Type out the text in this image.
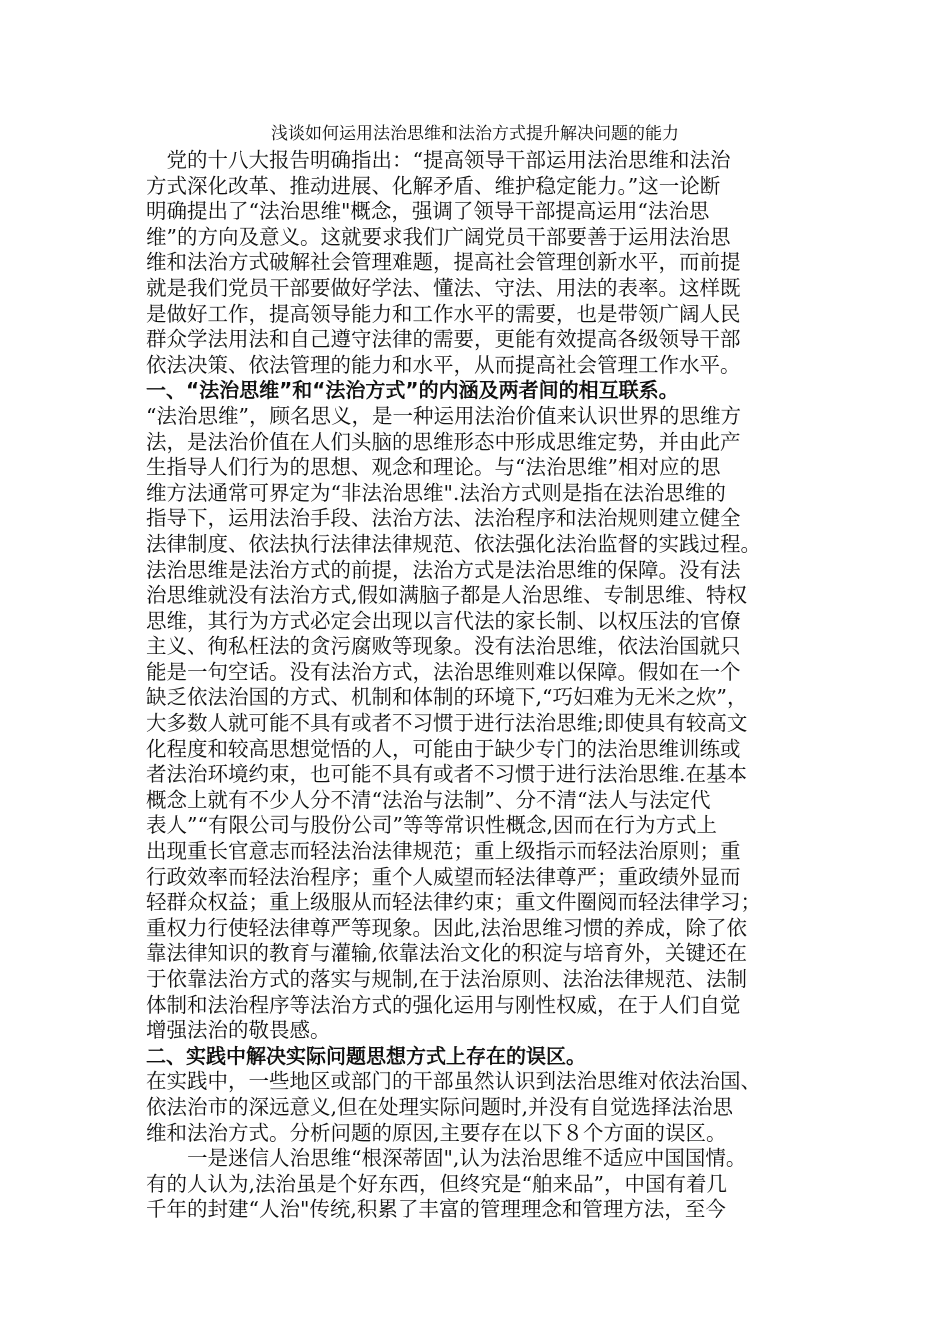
浅谈如何运用法治思维和法治方式提升解决问题的能力
　党的十八大报告明确指出：“提高领导干部运用法治思维和法治
方式深化改革、推动进展、化解矛盾、维护稳定能力。”这一论断
明确提出了“法治思维"概念，强调了领导干部提高运用“法治思
维”的方向及意义。这就要求我们广阔党员干部要善于运用法治思
维和法治方式破解社会管理难题，提高社会管理创新水平，而前提
就是我们党员干部要做好学法、懂法、守法、用法的表率。这样既
是做好工作，提高领导能力和工作水平的需要，也是带领广阔人民
群众学法用法和自己遵守法律的需要，更能有效提高各级领导干部
依法决策、依法管理的能力和水平，从而提高社会管理工作水平。
一、“法治思维”和“法治方式”的内涵及两者间的相互联系。
“法治思维”，顾名思义，是一种运用法治价值来认识世界的思维方
法，是法治价值在人们头脑的思维形态中形成思维定势，并由此产
生指导人们行为的思想、观念和理论。与“法治思维”相对应的思
维方法通常可界定为“非法治思维".法治方式则是指在法治思维的
指导下，运用法治手段、法治方法、法治程序和法治规则建立健全
法律制度、依法执行法律法律规范、依法强化法治监督的实践过程。
法治思维是法治方式的前提，法治方式是法治思维的保障。没有法
治思维就没有法治方式,假如满脑子都是人治思维、专制思维、特权
思维，其行为方式必定会出现以言代法的家长制、以权压法的官僚
主义、徇私枉法的贪污腐败等现象。没有法治思维，依法治国就只
能是一句空话。没有法治方式，法治思维则难以保障。假如在一个
缺乏依法治国的方式、机制和体制的环境下,“巧妇难为无米之炊”，
大多数人就可能不具有或者不习惯于进行法治思维;即使具有较高文
化程度和较高思想觉悟的人，可能由于缺少专门的法治思维训练或
者法治环境约束，也可能不具有或者不习惯于进行法治思维.在基本
概念上就有不少人分不清“法治与法制”、分不清“法人与法定代
表人”“有限公司与股份公司”等等常识性概念,因而在行为方式上
出现重长官意志而轻法治法律规范；重上级指示而轻法治原则；重
行政效率而轻法治程序；重个人威望而轻法律尊严；重政绩外显而
轻群众权益；重上级服从而轻法律约束；重文件圈阅而轻法律学习；
重权力行使轻法律尊严等现象。因此,法治思维习惯的养成，除了依
靠法律知识的教育与灌输,依靠法治文化的积淀与培育外，关键还在
于依靠法治方式的落实与规制,在于法治原则、法治法律规范、法制
体制和法治程序等法治方式的强化运用与刚性权威，在于人们自觉
增强法治的敬畏感。
二、实践中解决实际问题思想方式上存在的误区。
在实践中，一些地区或部门的干部虽然认识到法治思维对依法治国、
依法治市的深远意义,但在处理实际问题时,并没有自觉选择法治思
维和法治方式。分析问题的原因,主要存在以下８个方面的误区。
　　一是迷信人治思维“根深蒂固",认为法治思维不适应中国国情。
有的人认为,法治虽是个好东西，但终究是“舶来品”，中国有着几
千年的封建“人治"传统,积累了丰富的管理理念和管理方法，至今
